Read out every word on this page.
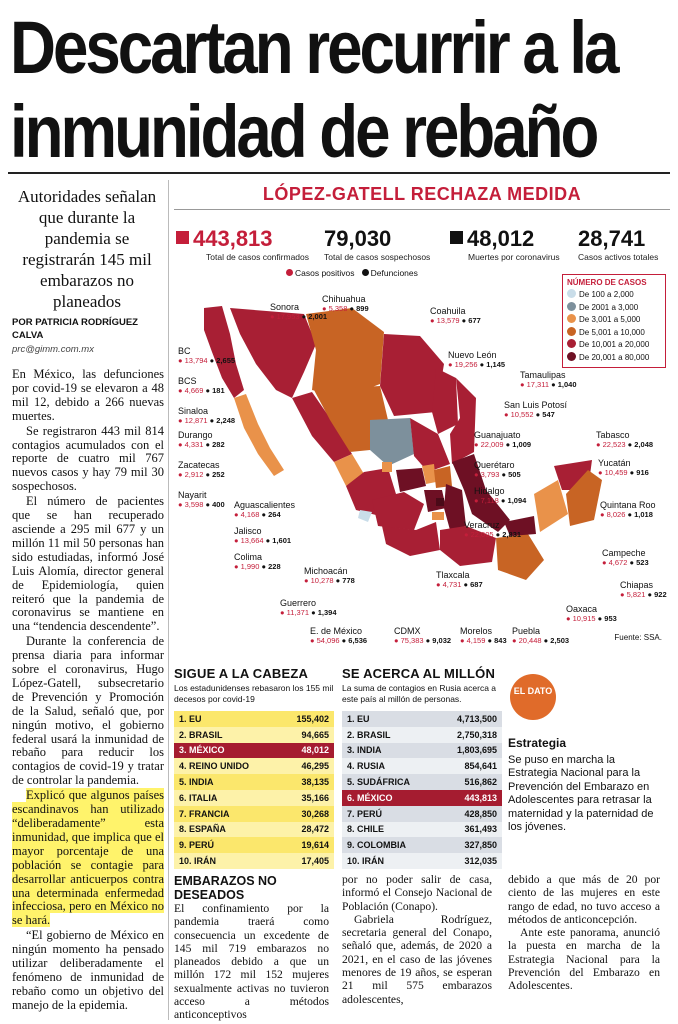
Descartan recurrir a la
inmunidad de rebaño
Autoridades señalan que durante la pandemia se registrarán 145 mil embarazos no planeados
POR PATRICIA RODRÍGUEZ CALVA
prc@gimm.com.mx

En México, las defunciones por covid-19 se elevaron a 48 mil 12, debido a 266 nuevas muertes.

Se registraron 443 mil 814 contagios acumulados con el reporte de cuatro mil 767 nuevos casos y hay 79 mil 30 sospechosos.

El número de pacientes que se han recuperado asciende a 295 mil 677 y un millón 11 mil 50 personas han sido estudiadas, informó José Luis Alomía, director general de Epidemiología, quien reiteró que la pandemia de coronavirus se mantiene en una “tendencia descendente”.

Durante la conferencia de prensa diaria para informar sobre el coronavirus, Hugo López-Gatell, subsecretario de Prevención y Promoción de la Salud, señaló que, por ningún motivo, el gobierno federal usará la inmunidad de rebaño para reducir los contagios de covid-19 y tratar de controlar la pandemia.

Explicó que algunos países escandinavos han utilizado “deliberadamente” esta inmunidad, que implica que el mayor porcentaje de una población se contagie para desarrollar anticuerpos contra una determinada enfermedad infecciosa, pero en México no se hará.

“El gobierno de México en ningún momento ha pensado utilizar deliberadamente el fenómeno de inmunidad de rebaño como un objetivo del manejo de la epidemia.

LÓPEZ-GATELL RECHAZA MEDIDA
443,813
Total de casos confirmados
79,030
Total de casos sospechosos
48,012
Muertes por coronavirus
28,741
Casos activos totales
Casos positivos Defunciones
Sonora
● 17,953 ● 2,001
Chihuahua
● 5,358 ● 899	Coahuila
● 13,579 ● 677
BC
● 13,794 ● 2,655
BCS
● 4,669 ● 181
Nuevo León
● 19,256 ● 1,145
Sinaloa
● 12,871 ● 2,248
Tamaulipas
● 17,311 ● 1,040
Durango
● 4,331 ● 282
San Luis Potosí
● 10,552 ● 547
Zacatecas
● 2,912 ● 252
Guanajuato
● 22,009 ● 1,009
Tabasco
● 22,523 ● 2,048
Nayarit
● 3,598 ● 400
Querétaro
● 3,793 ● 505
Yucatán
● 10,459 ● 916
Aguascalientes
● 4,168 ● 264
Hidalgo
● 7,118 ● 1,094	Quintana Roo
● 8,026 ● 1,018
Jalisco
● 13,664 ● 1,601
Veracruz
● 22,005 ● 2,831
Colima
● 1,990 ● 228
Campeche
● 4,672 ● 523
Michoacán
● 10,278 ● 778
Tlaxcala
● 4,731 ● 687	Chiapas
● 5,821 ● 922
Guerrero
● 11,371 ● 1,394	Oaxaca
● 10,915 ● 953
E. de México
● 54,096 ● 6,536
CDMX
● 75,383 ● 9,032
Morelos
● 4,159 ● 843
Puebla
● 20,448 ● 2,503
NÚMERO DE CASOS
De 100 a 2,000
De 2001 a 3,000
De 3,001 a 5,000
De 5,001 a 10,000
De 10,001 a 20,000
De 20,001 a 80,000
Fuente: SSA.
SIGUE A LA CABEZA
Los estadunidenses rebasaron los 155 mil decesos por covid-19
1. EU	155,402
2. BRASIL	94,665
3. MÉXICO	48,012
4. REINO UNIDO	46,295
5. INDIA	38,135
6. ITALIA	35,166
7. FRANCIA	30,268
8. ESPAÑA	28,472
9. PERÚ	19,614
10. IRÁN	17,405
SE ACERCA AL MILLÓN
La suma de contagios en Rusia acerca a este país al millón de personas.
1. EU	4,713,500
2. BRASIL	2,750,318
3. INDIA	1,803,695
4. RUSIA	854,641
5. SUDÁFRICA	516,862
6. MÉXICO	443,813
7. PERÚ	428,850
8. CHILE	361,493
9. COLOMBIA	327,850
10. IRÁN	312,035
EL DATO
Estrategia
Se puso en marcha la Estrategia Nacional para la Prevención del Embarazo en Adolescentes para retrasar la maternidad y la paternidad de los jóvenes.
EMBARAZOS NO DESEADOS
El confinamiento por la pandemia traerá como consecuencia un excedente de 145 mil 719 embarazos no planeados debido a que un millón 172 mil 152 mujeres sexualmente activas no tuvieron acceso a métodos anticonceptivos

por no poder salir de casa, informó el Consejo Nacional de Población (Conapo).

Gabriela Rodríguez, secretaria general del Conapo, señaló que, además, de 2020 a 2021, en el caso de las jóvenes menores de 19 años, se esperan 21 mil 575 embarazos adolescentes,

debido a que más de 20 por ciento de las mujeres en este rango de edad, no tuvo acceso a métodos de anticoncepción.

Ante este panorama, anunció la puesta en marcha de la Estrategia Nacional para la Prevención del Embarazo en Adolescentes.
